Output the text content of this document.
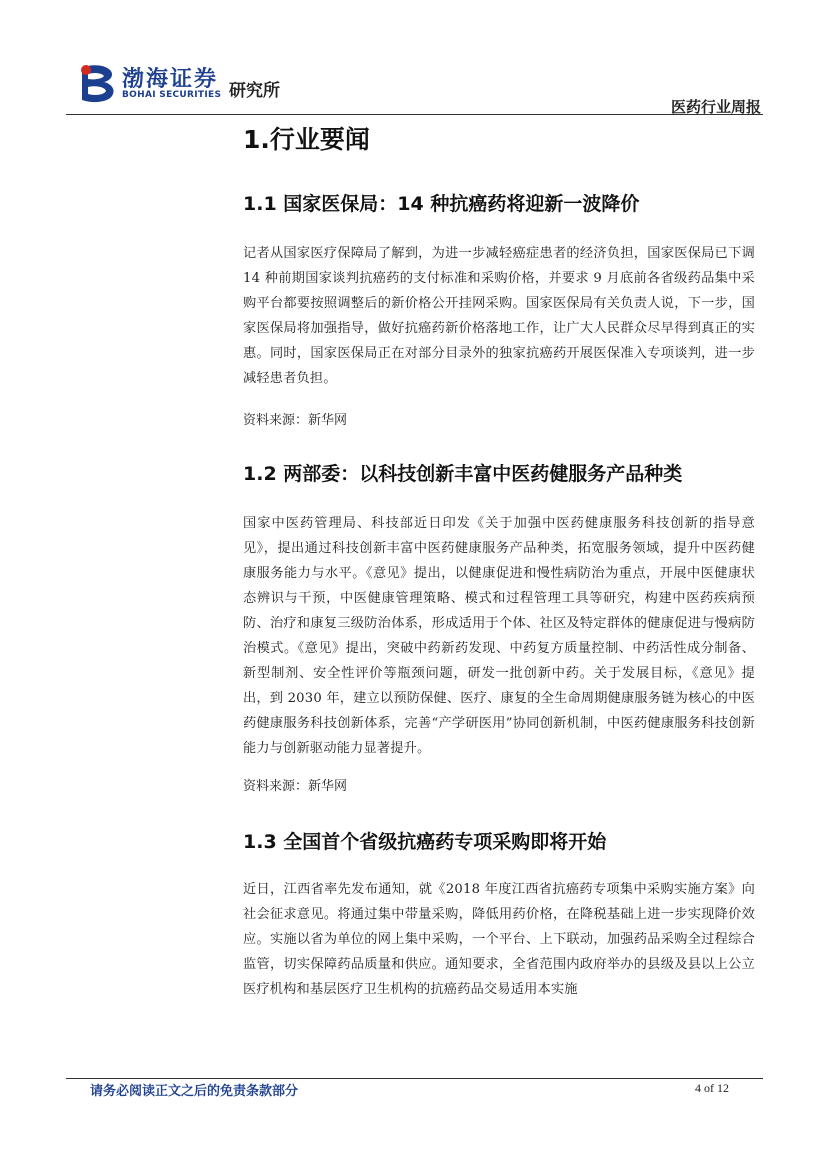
渤海证券
BOHAI SECURITIES 研究所
医药行业周报
1.行业要闻
1.1 国家医保局：14 种抗癌药将迎新一波降价

记者从国家医疗保障局了解到，为进一步减轻癌症患者的经济负担，国家医保局已下调 14 种前期国家谈判抗癌药的支付标准和采购价格，并要求 9 月底前各省级药品集中采购平台都要按照调整后的新价格公开挂网采购。国家医保局有关负责人说，下一步，国家医保局将加强指导，做好抗癌药新价格落地工作，让广大人民群众尽早得到真正的实惠。同时，国家医保局正在对部分目录外的独家抗癌药开展医保准入专项谈判，进一步减轻患者负担。

资料来源：新华网

1.2 两部委：以科技创新丰富中医药健服务产品种类

国家中医药管理局、科技部近日印发《关于加强中医药健康服务科技创新的指导意见》，提出通过科技创新丰富中医药健康服务产品种类，拓宽服务领域，提升中医药健康服务能力与水平。《意见》提出，以健康促进和慢性病防治为重点，开展中医健康状态辨识与干预，中医健康管理策略、模式和过程管理工具等研究，构建中医药疾病预防、治疗和康复三级防治体系，形成适用于个体、社区及特定群体的健康促进与慢病防治模式。《意见》提出，突破中药新药发现、中药复方质量控制、中药活性成分制备、新型制剂、安全性评价等瓶颈问题，研发一批创新中药。关于发展目标，《意见》提出，到 2030 年，建立以预防保健、医疗、康复的全生命周期健康服务链为核心的中医药健康服务科技创新体系，完善“产学研医用”协同创新机制，中医药健康服务科技创新能力与创新驱动能力显著提升。

资料来源：新华网

1.3 全国首个省级抗癌药专项采购即将开始

近日，江西省率先发布通知，就《2018 年度江西省抗癌药专项集中采购实施方案》向社会征求意见。将通过集中带量采购，降低用药价格，在降税基础上进一步实现降价效应。实施以省为单位的网上集中采购，一个平台、上下联动，加强药品采购全过程综合监管，切实保障药品质量和供应。通知要求，全省范围内政府举办的县级及县以上公立医疗机构和基层医疗卫生机构的抗癌药品交易适用本实施

请务必阅读正文之后的免责条款部分	4 of 12
